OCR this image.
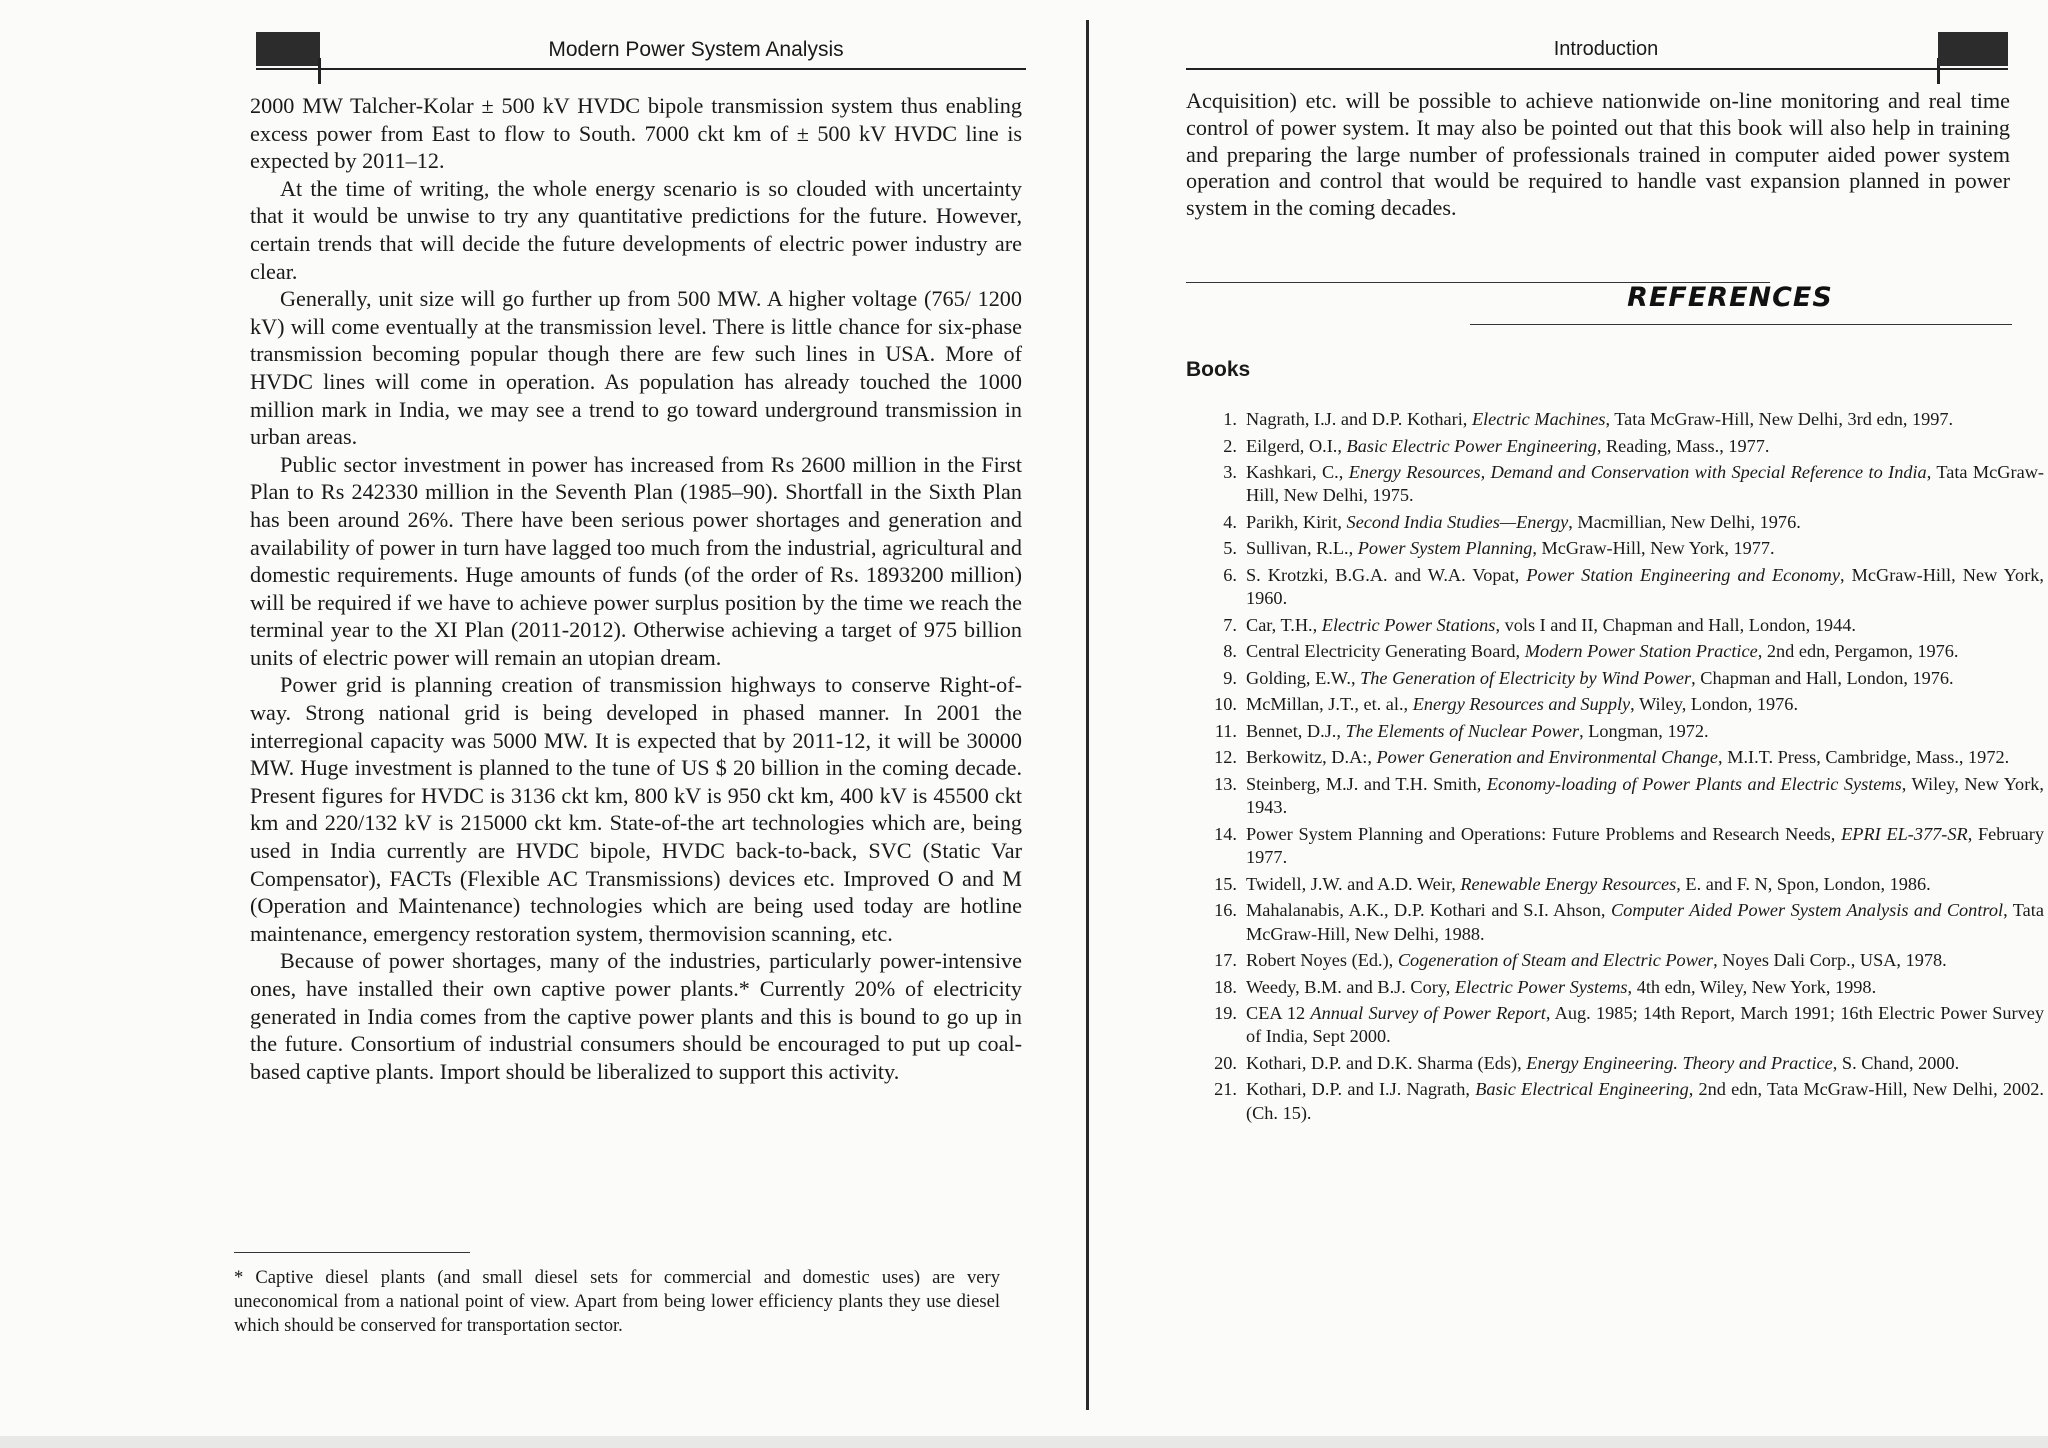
Modern Power System Analysis

2000 MW Talcher-Kolar ± 500 kV HVDC bipole transmission system thus enabling excess power from East to flow to South. 7000 ckt km of ± 500 kV HVDC line is expected by 2011–12.

At the time of writing, the whole energy scenario is so clouded with uncertainty that it would be unwise to try any quantitative predictions for the future. However, certain trends that will decide the future developments of electric power industry are clear.

Generally, unit size will go further up from 500 MW. A higher voltage (765/ 1200 kV) will come eventually at the transmission level. There is little chance for six-phase transmission becoming popular though there are few such lines in USA. More of HVDC lines will come in operation. As population has already touched the 1000 million mark in India, we may see a trend to go toward underground transmission in urban areas.

Public sector investment in power has increased from Rs 2600 million in the First Plan to Rs 242330 million in the Seventh Plan (1985–90). Shortfall in the Sixth Plan has been around 26%. There have been serious power shortages and generation and availability of power in turn have lagged too much from the industrial, agricultural and domestic requirements. Huge amounts of funds (of the order of Rs. 1893200 million) will be required if we have to achieve power surplus position by the time we reach the terminal year to the XI Plan (2011-2012). Otherwise achieving a target of 975 billion units of electric power will remain an utopian dream.

Power grid is planning creation of transmission highways to conserve Right-of-way. Strong national grid is being developed in phased manner. In 2001 the interregional capacity was 5000 MW. It is expected that by 2011-12, it will be 30000 MW. Huge investment is planned to the tune of US $ 20 billion in the coming decade. Present figures for HVDC is 3136 ckt km, 800 kV is 950 ckt km, 400 kV is 45500 ckt km and 220/132 kV is 215000 ckt km. State-of-the art technologies which are, being used in India currently are HVDC bipole, HVDC back-to-back, SVC (Static Var Compensator), FACTs (Flexible AC Transmissions) devices etc. Improved O and M (Operation and Maintenance) technologies which are being used today are hotline maintenance, emergency restoration system, thermovision scanning, etc.

Because of power shortages, many of the industries, particularly power-intensive ones, have installed their own captive power plants.* Currently 20% of electricity generated in India comes from the captive power plants and this is bound to go up in the future. Consortium of industrial consumers should be encouraged to put up coal-based captive plants. Import should be liberalized to support this activity.

* Captive diesel plants (and small diesel sets for commercial and domestic uses) are very uneconomical from a national point of view. Apart from being lower efficiency plants they use diesel which should be conserved for transportation sector.
Introduction

Acquisition) etc. will be possible to achieve nationwide on-line monitoring and real time control of power system. It may also be pointed out that this book will also help in training and preparing the large number of professionals trained in computer aided power system operation and control that would be required to handle vast expansion planned in power system in the coming decades.

REFERENCES
Books
1. Nagrath, I.J. and D.P. Kothari, Electric Machines, Tata McGraw-Hill, New Delhi, 3rd edn, 1997.
2. Eilgerd, O.I., Basic Electric Power Engineering, Reading, Mass., 1977.
3. Kashkari, C., Energy Resources, Demand and Conservation with Special Reference to India, Tata McGraw-Hill, New Delhi, 1975.
4. Parikh, Kirit, Second India Studies—Energy, Macmillian, New Delhi, 1976.
5. Sullivan, R.L., Power System Planning, McGraw-Hill, New York, 1977.
6. S. Krotzki, B.G.A. and W.A. Vopat, Power Station Engineering and Economy, McGraw-Hill, New York, 1960.
7. Car, T.H., Electric Power Stations, vols I and II, Chapman and Hall, London, 1944.
8. Central Electricity Generating Board, Modern Power Station Practice, 2nd edn, Pergamon, 1976.
9. Golding, E.W., The Generation of Electricity by Wind Power, Chapman and Hall, London, 1976.
10. McMillan, J.T., et. al., Energy Resources and Supply, Wiley, London, 1976.
11. Bennet, D.J., The Elements of Nuclear Power, Longman, 1972.
12. Berkowitz, D.A:, Power Generation and Environmental Change, M.I.T. Press, Cambridge, Mass., 1972.
13. Steinberg, M.J. and T.H. Smith, Economy-loading of Power Plants and Electric Systems, Wiley, New York, 1943.
14. Power System Planning and Operations: Future Problems and Research Needs, EPRI EL-377-SR, February 1977.
15. Twidell, J.W. and A.D. Weir, Renewable Energy Resources, E. and F. N, Spon, London, 1986.
16. Mahalanabis, A.K., D.P. Kothari and S.I. Ahson, Computer Aided Power System Analysis and Control, Tata McGraw-Hill, New Delhi, 1988.
17. Robert Noyes (Ed.), Cogeneration of Steam and Electric Power, Noyes Dali Corp., USA, 1978.
18. Weedy, B.M. and B.J. Cory, Electric Power Systems, 4th edn, Wiley, New York, 1998.
19. CEA 12 Annual Survey of Power Report, Aug. 1985; 14th Report, March 1991; 16th Electric Power Survey of India, Sept 2000.
20. Kothari, D.P. and D.K. Sharma (Eds), Energy Engineering. Theory and Practice, S. Chand, 2000.
21. Kothari, D.P. and I.J. Nagrath, Basic Electrical Engineering, 2nd edn, Tata McGraw-Hill, New Delhi, 2002. (Ch. 15).
